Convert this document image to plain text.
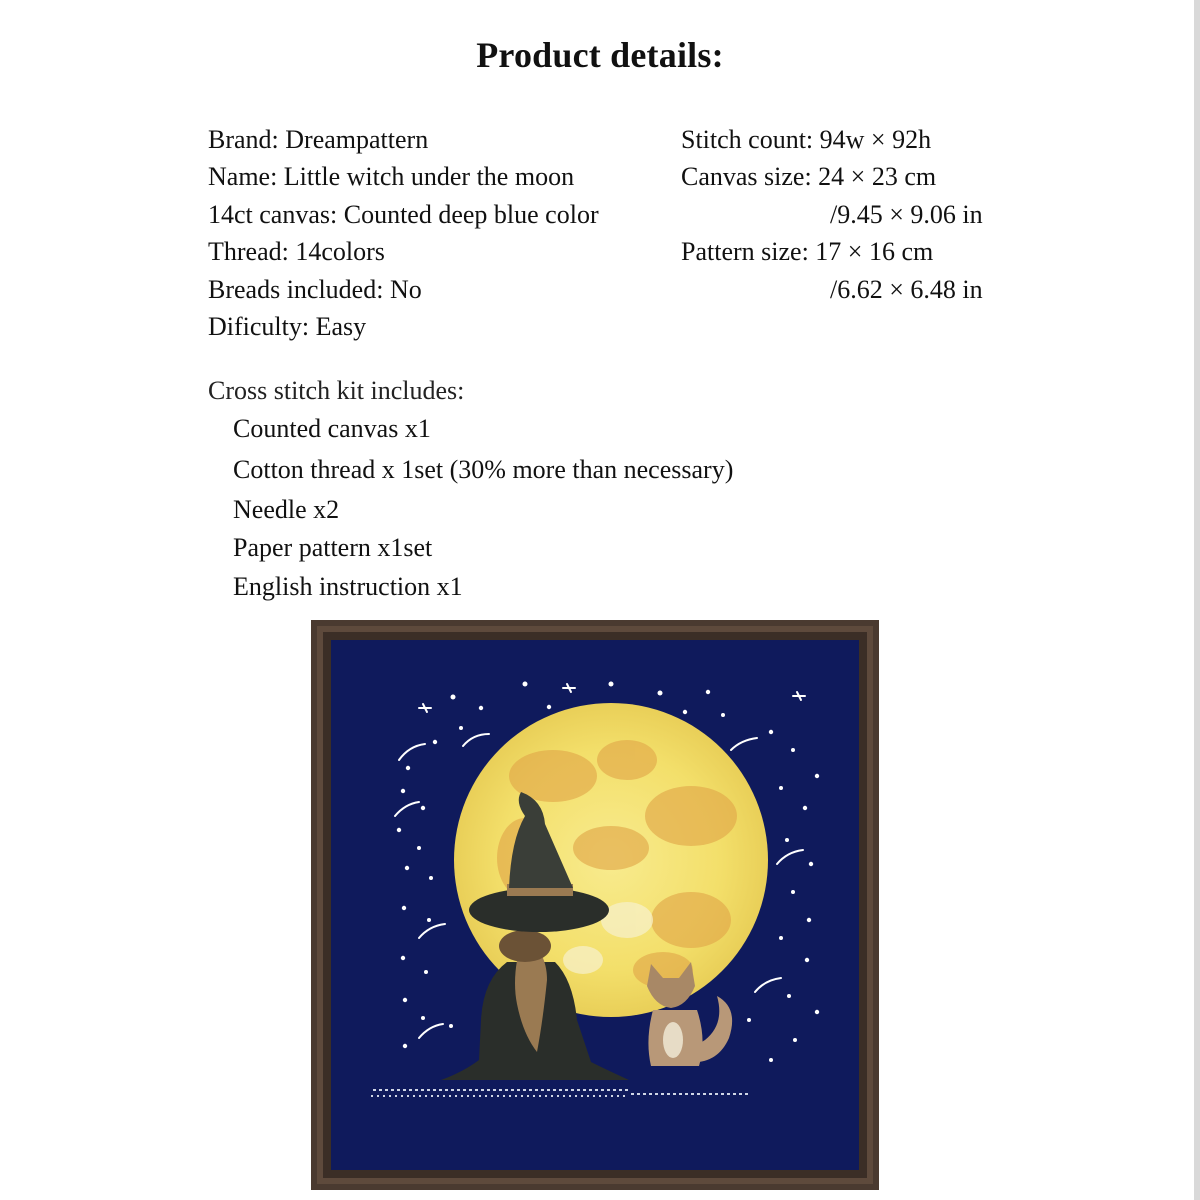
Product details:
Brand: Dreampattern
Name: Little witch under the moon
14ct canvas: Counted deep blue color
Thread: 14colors
Breads included: No
Dificulty: Easy
Stitch count: 94w × 92h
Canvas size: 24 × 23 cm
/9.45 × 9.06 in
Pattern size: 17 × 16 cm
/6.62 × 6.48 in
Cross stitch kit includes:
Counted canvas x1
Cotton thread x 1set (30% more than necessary)
Needle x2
Paper pattern x1set
English instruction x1
